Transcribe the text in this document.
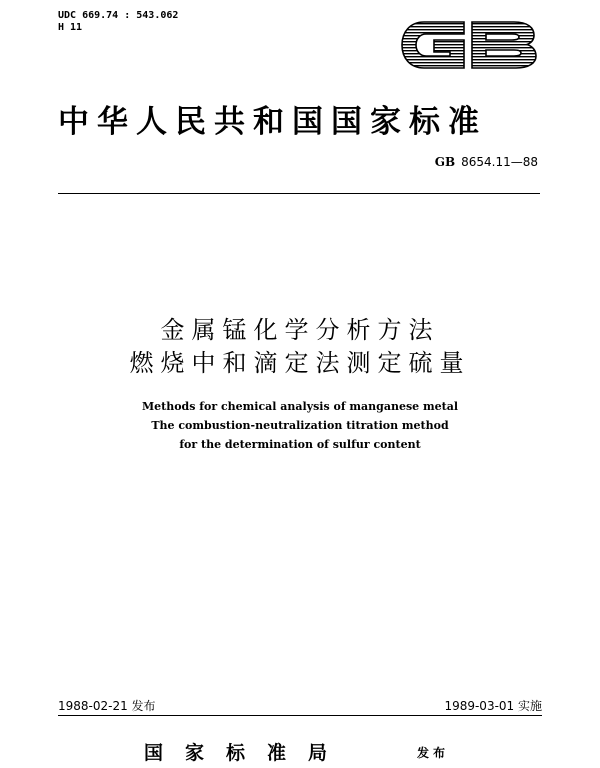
UDC 669.74 : 543.062
H 11
GB
中华人民共和国国家标准
GB 8654.11—88
金属锰化学分析方法
燃烧中和滴定法测定硫量
Methods for chemical analysis of manganese metal
The combustion-neutralization titration method
for the determination of sulfur content
1988-02-21 发布	1989-03-01 实施
国家标准局	发布
